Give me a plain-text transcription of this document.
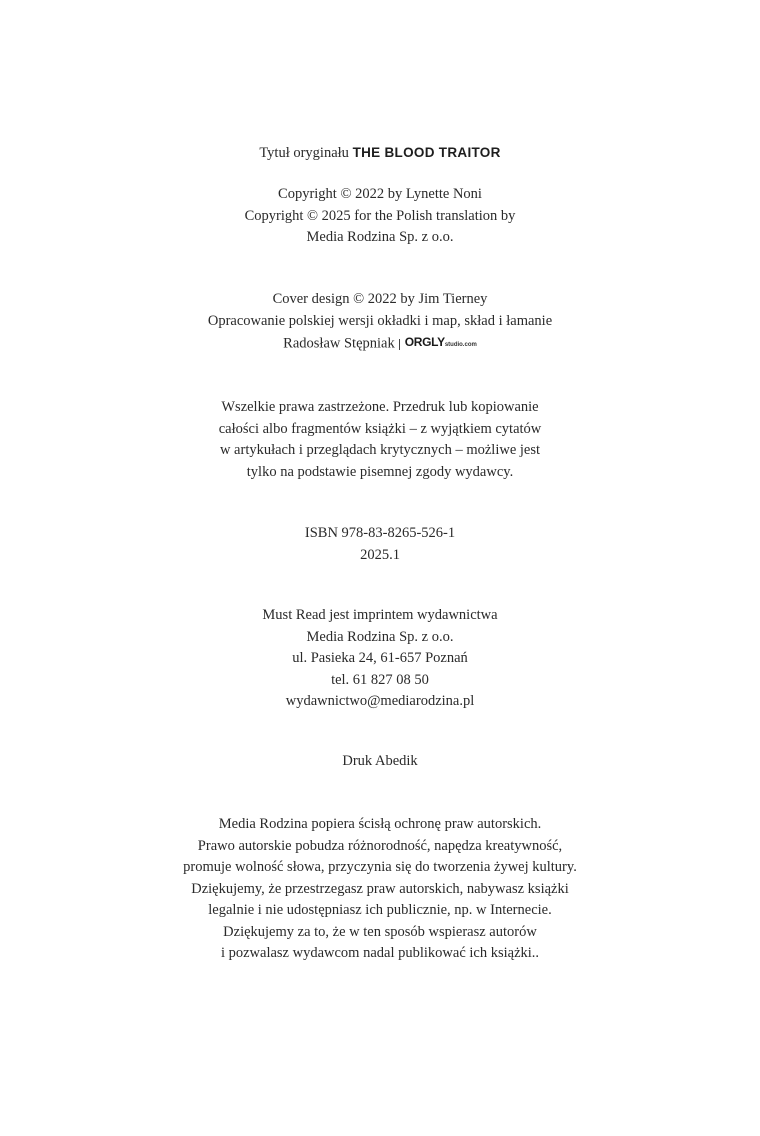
Tytuł oryginału THE BLOOD TRAITOR
Copyright © 2022 by Lynette Noni
Copyright © 2025 for the Polish translation by
Media Rodzina Sp. z o.o.
Cover design © 2022 by Jim Tierney
Opracowanie polskiej wersji okładki i map, skład i łamanie
Radosław Stępniak ORGLYstudio.com
Wszelkie prawa zastrzeżone. Przedruk lub kopiowanie
całości albo fragmentów książki – z wyjątkiem cytatów
w artykułach i przeglądach krytycznych – możliwe jest
tylko na podstawie pisemnej zgody wydawcy.
ISBN 978-83-8265-526-1
2025.1
Must Read jest imprintem wydawnictwa
Media Rodzina Sp. z o.o.
ul. Pasieka 24, 61-657 Poznań
tel. 61 827 08 50
wydawnictwo@mediarodzina.pl
Druk Abedik
Media Rodzina popiera ścisłą ochronę praw autorskich.
Prawo autorskie pobudza różnorodność, napędza kreatywność,
promuje wolność słowa, przyczynia się do tworzenia żywej kultury.
Dziękujemy, że przestrzegasz praw autorskich, nabywasz książki
legalnie i nie udostępniasz ich publicznie, np. w Internecie.
Dziękujemy za to, że w ten sposób wspierasz autorów
i pozwalasz wydawcom nadal publikować ich książki..
